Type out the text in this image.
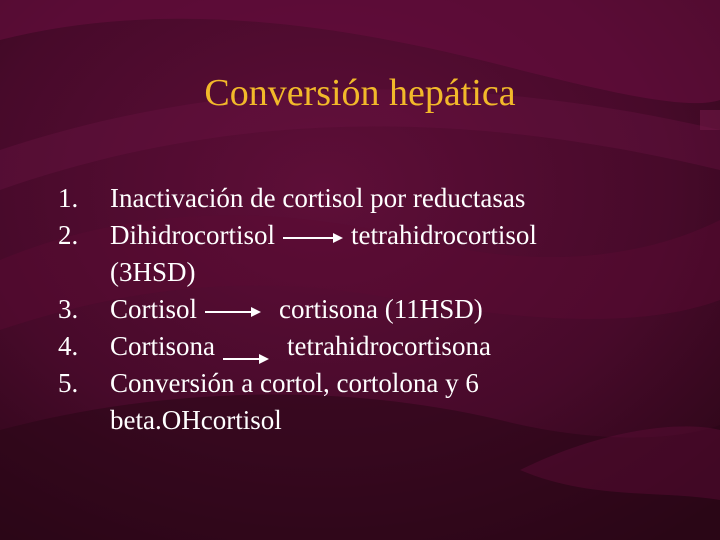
Conversión hepática
1. Inactivación de cortisol por reductasas
2. Dihidrocortisol	tetrahidrocortisol
(3HSD)
3. Cortisol	cortisona (11HSD)
4. Cortisona	tetrahidrocortisona
5. Conversión a cortol, cortolona y 6
beta.OHcortisol
